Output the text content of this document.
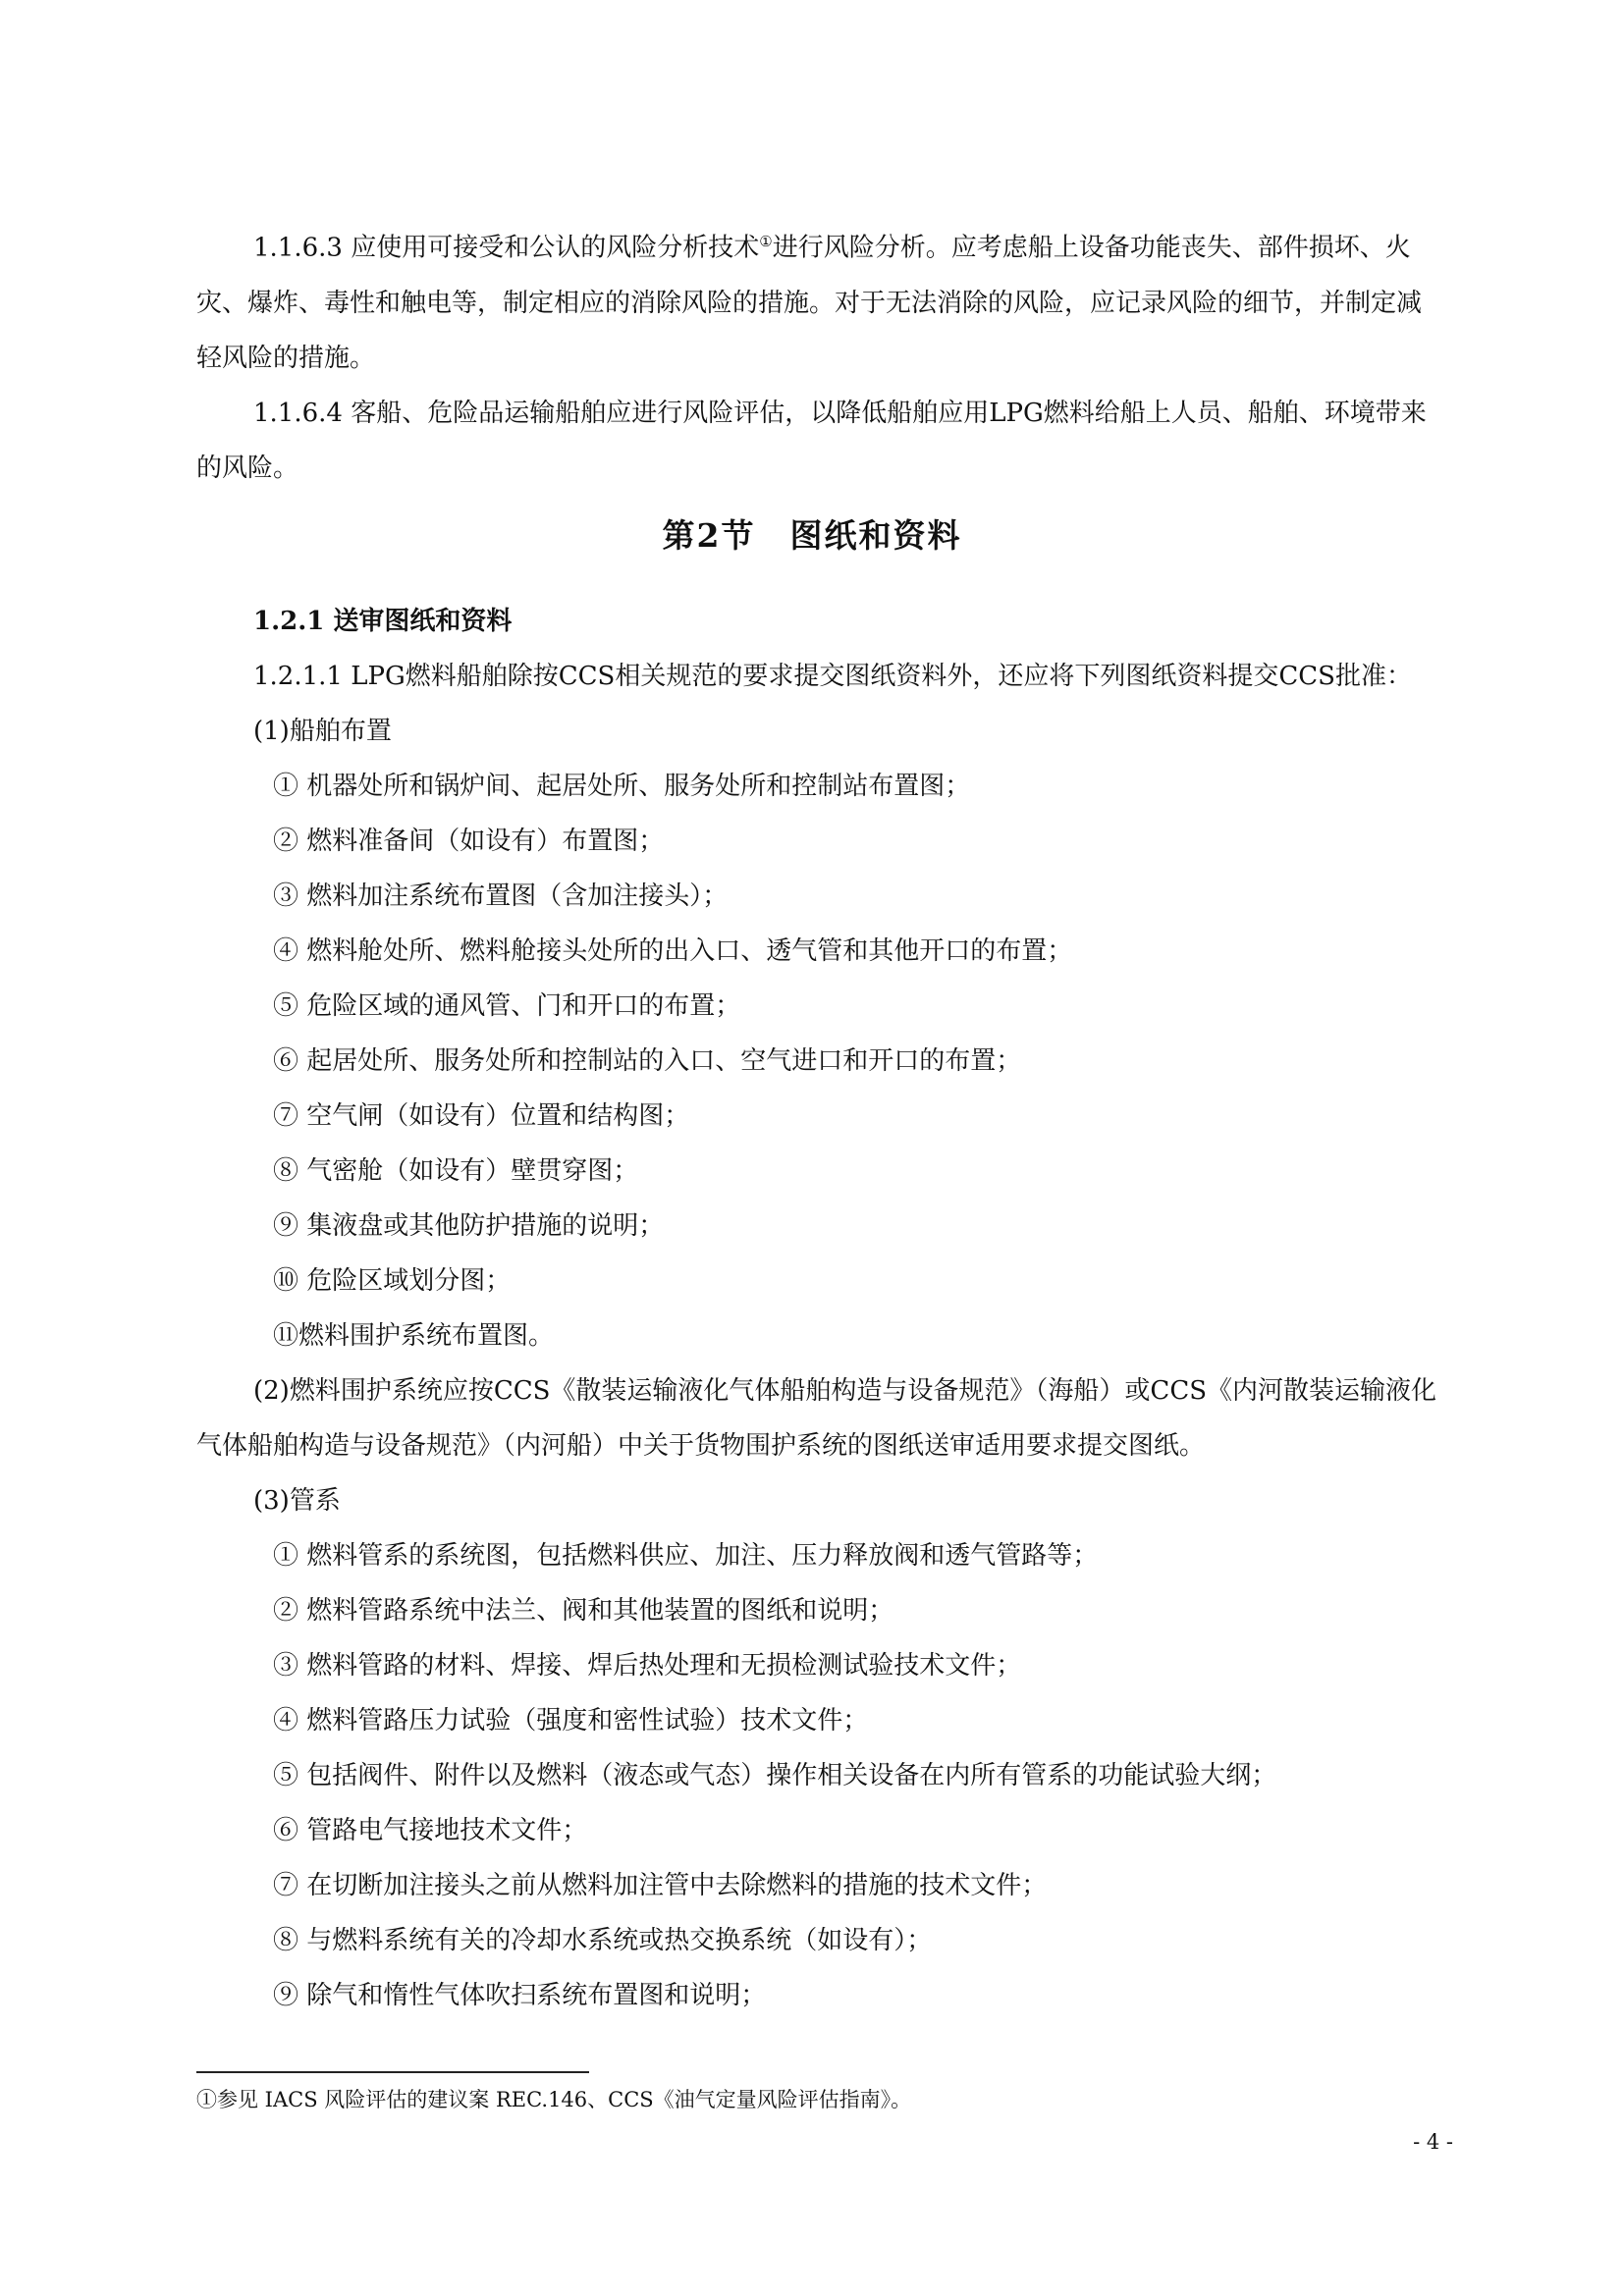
1.1.6.3 应使用可接受和公认的风险分析技术①进行风险分析。应考虑船上设备功能丧失、部件损坏、火灾、爆炸、毒性和触电等，制定相应的消除风险的措施。对于无法消除的风险，应记录风险的细节，并制定减轻风险的措施。

1.1.6.4 客船、危险品运输船舶应进行风险评估，以降低船舶应用LPG燃料给船上人员、船舶、环境带来的风险。

第2节　图纸和资料

1.2.1 送审图纸和资料

1.2.1.1 LPG燃料船舶除按CCS相关规范的要求提交图纸资料外，还应将下列图纸资料提交CCS批准：

(1)船舶布置

① 机器处所和锅炉间、起居处所、服务处所和控制站布置图；

② 燃料准备间（如设有）布置图；

③ 燃料加注系统布置图（含加注接头）；

④ 燃料舱处所、燃料舱接头处所的出入口、透气管和其他开口的布置；

⑤ 危险区域的通风管、门和开口的布置；

⑥ 起居处所、服务处所和控制站的入口、空气进口和开口的布置；

⑦ 空气闸（如设有）位置和结构图；

⑧ 气密舱（如设有）壁贯穿图；

⑨ 集液盘或其他防护措施的说明；

⑩ 危险区域划分图；

⑪燃料围护系统布置图。

(2)燃料围护系统应按CCS《散装运输液化气体船舶构造与设备规范》（海船）或CCS《内河散装运输液化气体船舶构造与设备规范》（内河船）中关于货物围护系统的图纸送审适用要求提交图纸。

(3)管系

① 燃料管系的系统图，包括燃料供应、加注、压力释放阀和透气管路等；

② 燃料管路系统中法兰、阀和其他装置的图纸和说明；

③ 燃料管路的材料、焊接、焊后热处理和无损检测试验技术文件；

④ 燃料管路压力试验（强度和密性试验）技术文件；

⑤ 包括阀件、附件以及燃料（液态或气态）操作相关设备在内所有管系的功能试验大纲；

⑥ 管路电气接地技术文件；

⑦ 在切断加注接头之前从燃料加注管中去除燃料的措施的技术文件；

⑧ 与燃料系统有关的冷却水系统或热交换系统（如设有）；

⑨ 除气和惰性气体吹扫系统布置图和说明；

①参见 IACS 风险评估的建议案 REC.146、CCS《油气定量风险评估指南》。
- 4 -
